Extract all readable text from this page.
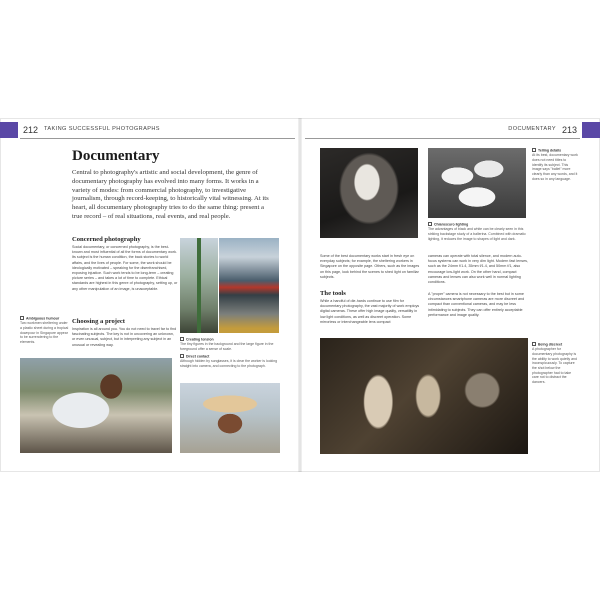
212 TAKING SUCCESSFUL PHOTOGRAPHS	DOCUMENTARY 213
Documentary

Central to photography's artistic and social development, the genre of documentary photography has evolved into many forms. It works in a variety of modes: from commercial photography, to investigative journalism, through record-keeping, to historically vital witnessing. At its heart, all documentary photography tries to do the same thing: present a true record – of real situations, real events, and real people.

Concerned photography

Social documentary, or concerned photography, is the best-known and most influential of all the forms of documentary work. Its subject is the human condition, the back stories to world affairs, and the lives of people. For some, the work should be ideologically motivated – speaking for the disenfranchised, exposing injustice. Such work tends to be long-term – creating picture series – and takes a lot of time to complete. Ethical standards are highest in this genre of photography, setting up, or any other manipulation of an image, is unacceptable.

Choosing a project

Inspiration is all around you. You do not need to travel far to find fascinating subjects. The key is not in uncovering an unknown, or even unusual, subject, but in interpreting any subject in an unusual or revealing way.

Ambiguous humour
Two workmen sheltering under a plastic sheet during a tropical downpour in Singapore appear to be surrendering to the elements.
Creating tension
The tiny figures in the background and the large figure in the foreground offer a sense of scale.
Direct contact
Although hidden by sunglasses, it is clear the worker is looking straight into camera, and connecting to the photograph.
Telling details
At its best, documentary work does not need titles to identify its subject. This image says "ballet" more clearly than any words, and it does so in any language.
Chiaroscuro lighting
The advantages of black and white can be clearly seen in this striking backstage study of a ballerina. Combined with dramatic lighting, it reduces the image to shapes of light and dark.

Some of the best documentary works start in fresh eye on everyday subjects; for example, the sheltering workers in Singapore on the opposite page. Others, such as the images on this page, look behind the scenes to shed light on familiar subjects.

The tools

While a handful of die-hards continue to use film for documentary photography, the vast majority of work employs digital cameras. These offer high image quality, versatility in low light conditions, as well as discreet operation. Some mirrorless or interchangeable lens compact

cameras can operate with total silence, and modern auto-focus systems can work in very dim light. Modern fast lenses, such as the 24mm f/1.4, 35mm f/1.4, and 50mm f/1, also encourage low-light work. On the other hand, compact cameras and lenses can also work well in normal lighting conditions.

A "proper" camera is not necessary to the best but in some circumstances smartphone cameras are more discreet and compact than conventional cameras, and may be less intimidating to subjects. They can offer entirely acceptable performance and image quality.

Being discreet
A photographer for documentary photography is the ability to work quietly and inconspicuously. To capture the shot below the photographer had to take care not to distract the dancers.
